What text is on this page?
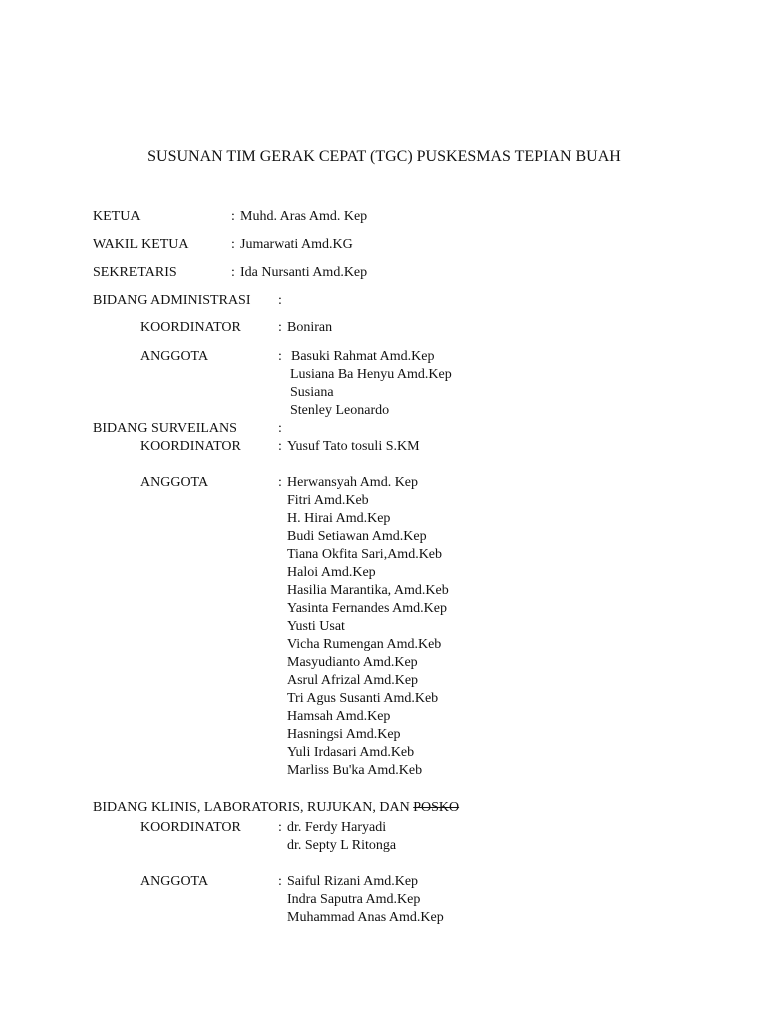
SUSUNAN TIM GERAK CEPAT (TGC) PUSKESMAS TEPIAN BUAH
KETUA	: Muhd. Aras Amd. Kep
WAKIL KETUA	: Jumarwati Amd.KG
SEKRETARIS	: Ida Nursanti Amd.Kep
BIDANG ADMINISTRASI :
KOORDINATOR	: Boniran
ANGGOTA	: Basuki Rahmat Amd.Kep
Lusiana Ba Henyu Amd.Kep
Susiana
Stenley Leonardo
BIDANG SURVEILANS	:
KOORDINATOR	: Yusuf Tato tosuli S.KM
ANGGOTA	: Herwansyah Amd. Kep
Fitri Amd.Keb
H. Hirai Amd.Kep
Budi Setiawan Amd.Kep
Tiana Okfita Sari,Amd.Keb
Haloi Amd.Kep
Hasilia Marantika, Amd.Keb
Yasinta Fernandes Amd.Kep
Yusti Usat
Vicha Rumengan Amd.Keb
Masyudianto Amd.Kep
Asrul Afrizal Amd.Kep
Tri Agus Susanti Amd.Keb
Hamsah Amd.Kep
Hasningsi Amd.Kep
Yuli Irdasari Amd.Keb
Marliss Bu'ka Amd.Keb
BIDANG KLINIS, LABORATORIS, RUJUKAN, DAN POSKO
KOORDINATOR	: dr. Ferdy Haryadi
dr. Septy L Ritonga
ANGGOTA	: Saiful Rizani Amd.Kep
Indra Saputra Amd.Kep
Muhammad Anas Amd.Kep
